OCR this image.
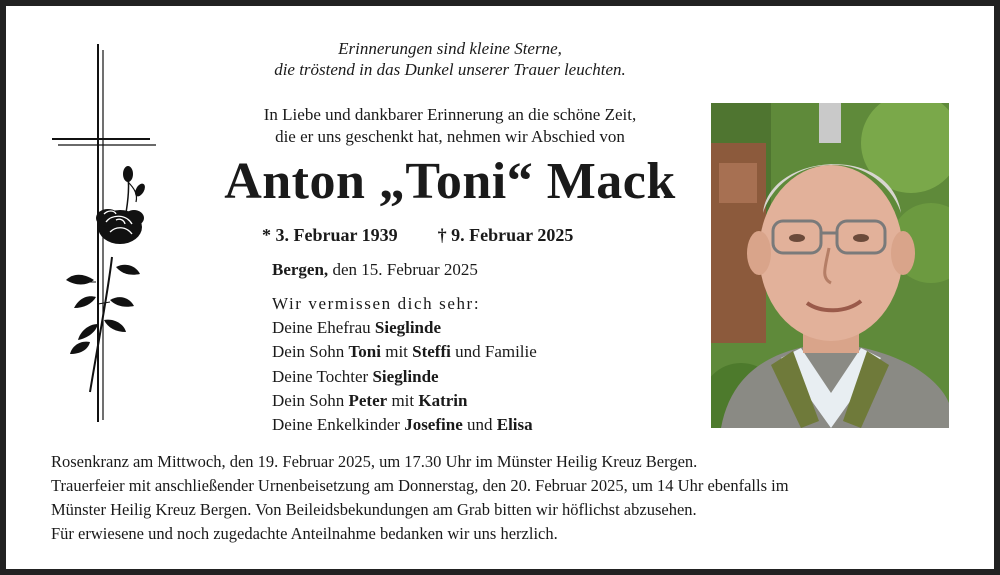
Erinnerungen sind kleine Sterne,
die tröstend in das Dunkel unserer Trauer leuchten.
In Liebe und dankbarer Erinnerung an die schöne Zeit,
die er uns geschenkt hat, nehmen wir Abschied von
Anton „Toni“ Mack
* 3. Februar 1939 † 9. Februar 2025
Bergen, den 15. Februar 2025
Wir vermissen dich sehr:
Deine Ehefrau Sieglinde
Dein Sohn Toni mit Steffi und Familie
Deine Tochter Sieglinde
Dein Sohn Peter mit Katrin
Deine Enkelkinder Josefine und Elisa
Rosenkranz am Mittwoch, den 19. Februar 2025, um 17.30 Uhr im Münster Heilig Kreuz Bergen.
Trauerfeier mit anschließender Urnenbeisetzung am Donnerstag, den 20. Februar 2025, um 14 Uhr ebenfalls im
Münster Heilig Kreuz Bergen. Von Beileidsbekundungen am Grab bitten wir höflichst abzusehen.
Für erwiesene und noch zugedachte Anteilnahme bedanken wir uns herzlich.
